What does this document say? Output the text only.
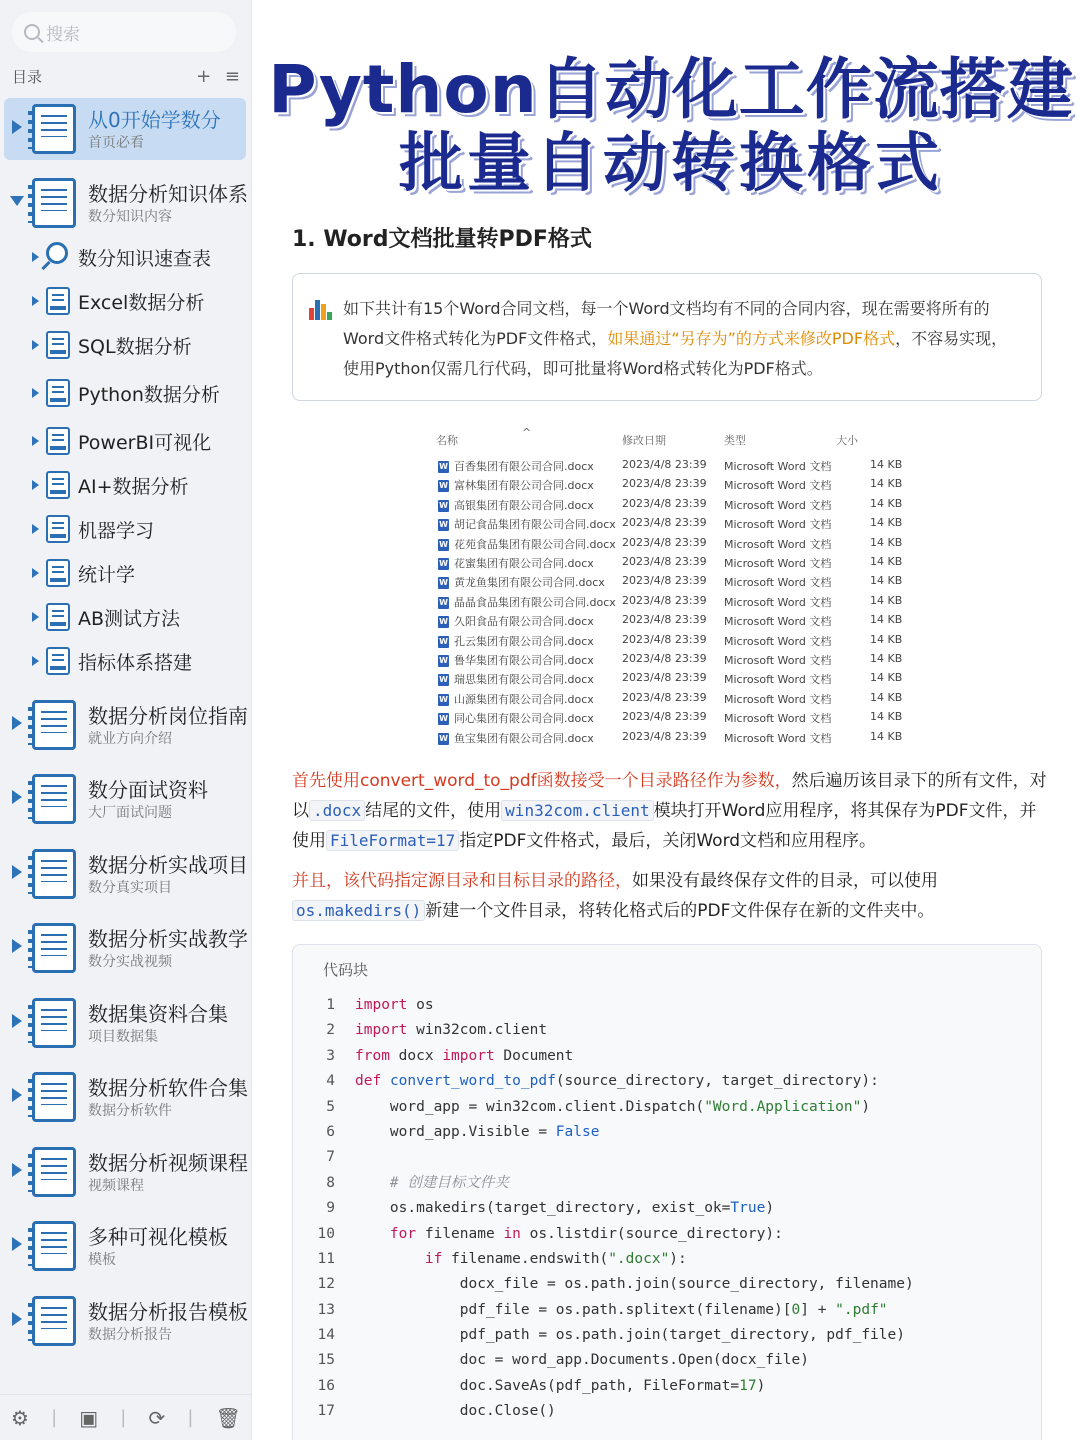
搜索
目录	+ ≡
从0开始学数分
首页必看
数据分析知识体系
数分知识内容
数据分析岗位指南
就业方向介绍
数分面试资料
大厂面试问题
数据分析实战项目
数分真实项目
数据分析实战教学
数分实战视频
数据集资料合集
项目数据集
数据分析软件合集
数据分析软件
数据分析视频课程
视频课程
多种可视化模板
模板
数据分析报告模板
数据分析报告
数分知识速查表
Excel数据分析
SQL数据分析
Python数据分析
PowerBI可视化
AI+数据分析
机器学习
统计学
AB测试方法
指标体系搭建
⚙ | ▣ | ⟳ | 🗑
Python自动化工作流搭建
批量自动转换格式
1. Word文档批量转PDF格式
如下共计有15个Word合同文档，每一个Word文档均有不同的合同内容，现在需要将所有的Word文件格式转化为PDF文件格式，如果通过“另存为”的方式来修改PDF格式，不容易实现，使用Python仅需几行代码，即可批量将Word格式转化为PDF格式。
名称
^
修改日期	类型	大小
W 百香集团有限公司合同.docx	2023/4/8 23:39 Microsoft Word 文档	14 KB
W 富林集团有限公司合同.docx	2023/4/8 23:39 Microsoft Word 文档	14 KB
W 高银集团有限公司合同.docx	2023/4/8 23:39 Microsoft Word 文档	14 KB
W 胡记食品集团有限公司合同.docx 2023/4/8 23:39 Microsoft Word 文档	14 KB
W 花苑食品集团有限公司合同.docx 2023/4/8 23:39 Microsoft Word 文档	14 KB
W 花蜜集团有限公司合同.docx	2023/4/8 23:39 Microsoft Word 文档	14 KB
W 黄龙鱼集团有限公司合同.docx 2023/4/8 23:39 Microsoft Word 文档	14 KB
W 晶晶食品集团有限公司合同.docx 2023/4/8 23:39 Microsoft Word 文档	14 KB
W 久阳食品有限公司合同.docx	2023/4/8 23:39 Microsoft Word 文档	14 KB
W 孔云集团有限公司合同.docx	2023/4/8 23:39 Microsoft Word 文档	14 KB
W 鲁华集团有限公司合同.docx	2023/4/8 23:39 Microsoft Word 文档	14 KB
W 瑞思集团有限公司合同.docx	2023/4/8 23:39 Microsoft Word 文档	14 KB
W 山源集团有限公司合同.docx	2023/4/8 23:39 Microsoft Word 文档	14 KB
W 同心集团有限公司合同.docx	2023/4/8 23:39 Microsoft Word 文档	14 KB
W 鱼宝集团有限公司合同.docx	2023/4/8 23:39 Microsoft Word 文档	14 KB
首先使用convert_word_to_pdf函数接受一个目录路径作为参数，然后遍历该目录下的所有文件，对以 .docx 结尾的文件，使用 win32com.client 模块打开Word应用程序，将其保存为PDF文件，并使用 FileFormat=17 指定PDF文件格式，最后，关闭Word文档和应用程序。
并且，该代码指定源目录和目标目录的路径，如果没有最终保存文件的目录，可以使用os.makedirs() 新建一个文件目录，将转化格式后的PDF文件保存在新的文件夹中。
代码块
1 import os
2 import win32com.client
3 from docx import Document
4 def convert_word_to_pdf(source_directory, target_directory):
5 word_app = win32com.client.Dispatch("Word.Application")
6 word_app.Visible = False
7
8	# 创建目标文件夹
9 os.makedirs(target_directory, exist_ok=True)
10	for filename in os.listdir(source_directory):
11	if filename.endswith(".docx"):
12 docx_file = os.path.join(source_directory, filename)
13 pdf_file = os.path.splitext(filename)[0] + ".pdf"
14 pdf_path = os.path.join(target_directory, pdf_file)
15 doc = word_app.Documents.Open(docx_file)
16 doc.SaveAs(pdf_path, FileFormat=17)
17 doc.Close()
